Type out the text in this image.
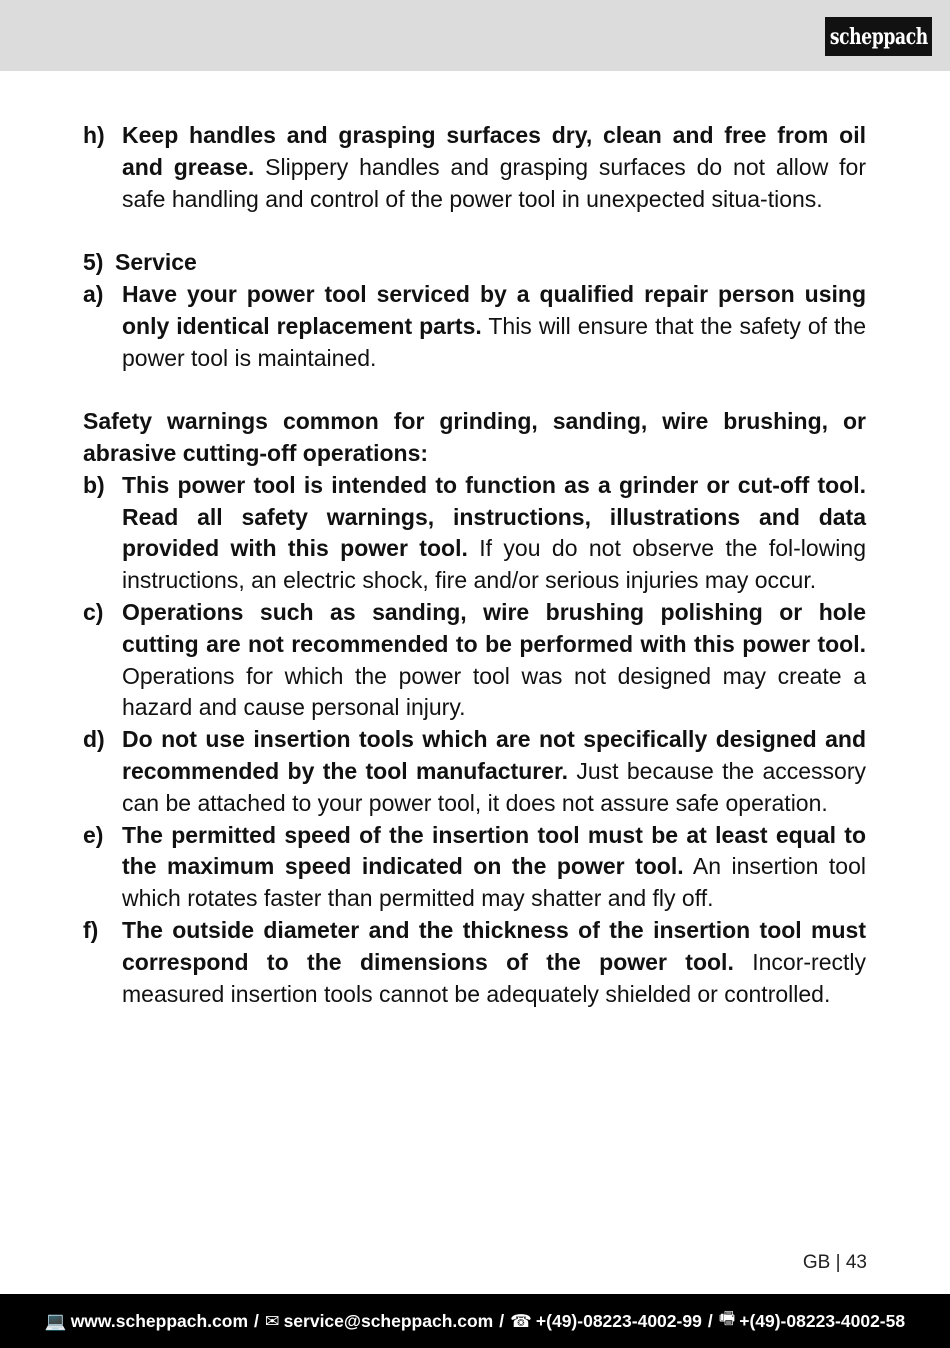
scheppach
h) Keep handles and grasping surfaces dry, clean and free from oil and grease. Slippery handles and grasping surfaces do not allow for safe handling and control of the power tool in unexpected situa-tions.
5) Service
a) Have your power tool serviced by a qualified repair person using only identical replacement parts. This will ensure that the safety of the power tool is maintained.
Safety warnings common for grinding, sanding, wire brushing, or abrasive cutting-off operations:
b) This power tool is intended to function as a grinder or cut-off tool. Read all safety warnings, instructions, illustrations and data provided with this power tool. If you do not observe the fol-lowing instructions, an electric shock, fire and/or serious injuries may occur.
c) Operations such as sanding, wire brushing polishing or hole cutting are not recommended to be performed with this power tool. Operations for which the power tool was not designed may create a hazard and cause personal injury.
d) Do not use insertion tools which are not specifically designed and recommended by the tool manufacturer. Just because the accessory can be attached to your power tool, it does not assure safe operation.
e) The permitted speed of the insertion tool must be at least equal to the maximum speed indicated on the power tool. An insertion tool which rotates faster than permitted may shatter and fly off.
f)	The outside diameter and the thickness of the insertion tool must correspond to the dimensions of the power tool. Incor-rectly measured insertion tools cannot be adequately shielded or controlled.
GB | 43
💻 www.scheppach.com / ✉ service@scheppach.com / ☎ +(49)-08223-4002-99 / 🖷 +(49)-08223-4002-58
